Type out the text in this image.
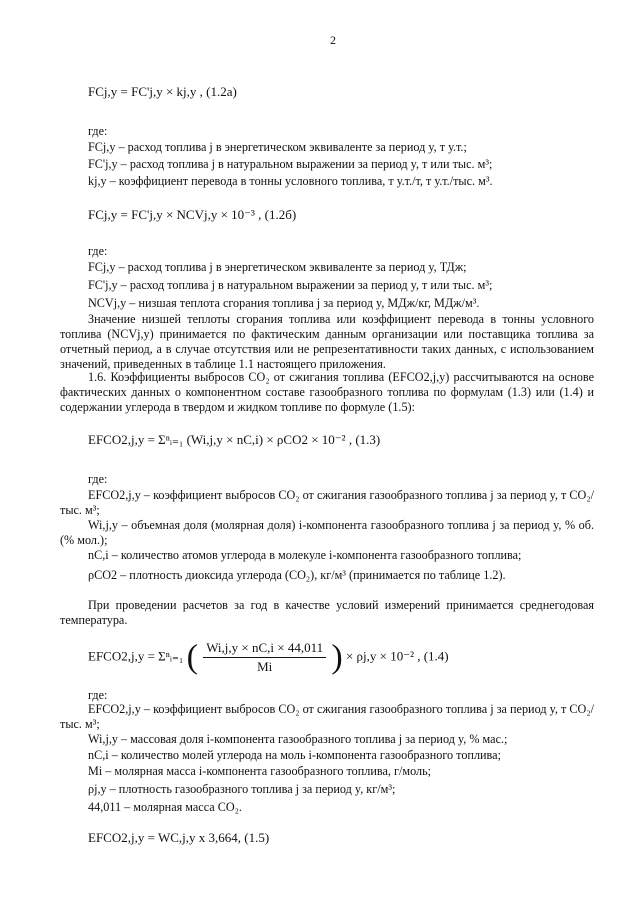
2
FCj,y = FC'j,y × kj,y , (1.2a)
где:
FCj,y – расход топлива j в энергетическом эквиваленте за период y, т у.т.;
FC'j,y – расход топлива j в натуральном выражении за период y, т или тыс. м³;
kj,y – коэффициент перевода в тонны условного топлива, т у.т./т, т у.т./тыс. м³.
FCj,y = FC'j,y × NCVj,y × 10⁻³ , (1.2б)
где:
FCj,y – расход топлива j в энергетическом эквиваленте за период y, ТДж;
FC'j,y – расход топлива j в натуральном выражении за период y, т или тыс. м³;
NCVj,y – низшая теплота сгорания топлива j за период y, МДж/кг, МДж/м³.

Значение низшей теплоты сгорания топлива или коэффициент перевода в тонны условного топлива (NCVj,y) принимается по фактическим данным организации или поставщика топлива за отчетный период, а в случае отсутствия или не репрезентативности таких данных, с использованием значений, приведенных в таблице 1.1 настоящего приложения.

1.6. Коэффициенты выбросов CO₂ от сжигания топлива (EFCO2,j,y) рассчитываются на основе фактических данных о компонентном составе газообразного топлива по формулам (1.3) или (1.4) и содержании углерода в твердом и жидком топливе по формуле (1.5):

EFCO2,j,y = Σⁿᵢ₌₁ (Wi,j,y × nC,i) × ρCO2 × 10⁻² , (1.3)
где:

EFCO2,j,y – коэффициент выбросов CO₂ от сжигания газообразного топлива j за период y, т CO₂/тыс. м³;

Wi,j,y – объемная доля (молярная доля) i-компонента газообразного топлива j за период y, % об. (% мол.);

nC,i – количество атомов углерода в молекуле i-компонента газообразного топлива;
ρCO2 – плотность диоксида углерода (CO₂), кг/м³ (принимается по таблице 1.2).

При проведении расчетов за год в качестве условий измерений принимается среднегодовая температура.

EFCO2,j,y = Σⁿᵢ₌₁ ( $\frac{Wi,j,y \times nC,i \times 44,011}{Mi}$ ) × ρj,y × 10⁻² , (1.4)
где:

EFCO2,j,y – коэффициент выбросов CO₂ от сжигания газообразного топлива j за период y, т CO₂/тыс. м³;

Wi,j,y – массовая доля i-компонента газообразного топлива j за период y, % мас.;
nC,i – количество молей углерода на моль i-компонента газообразного топлива;
Mi – молярная масса i-компонента газообразного топлива, г/моль;
ρj,y – плотность газообразного топлива j за период y, кг/м³;
44,011 – молярная масса CO₂.
EFCO2,j,y = WC,j,y x 3,664, (1.5)
